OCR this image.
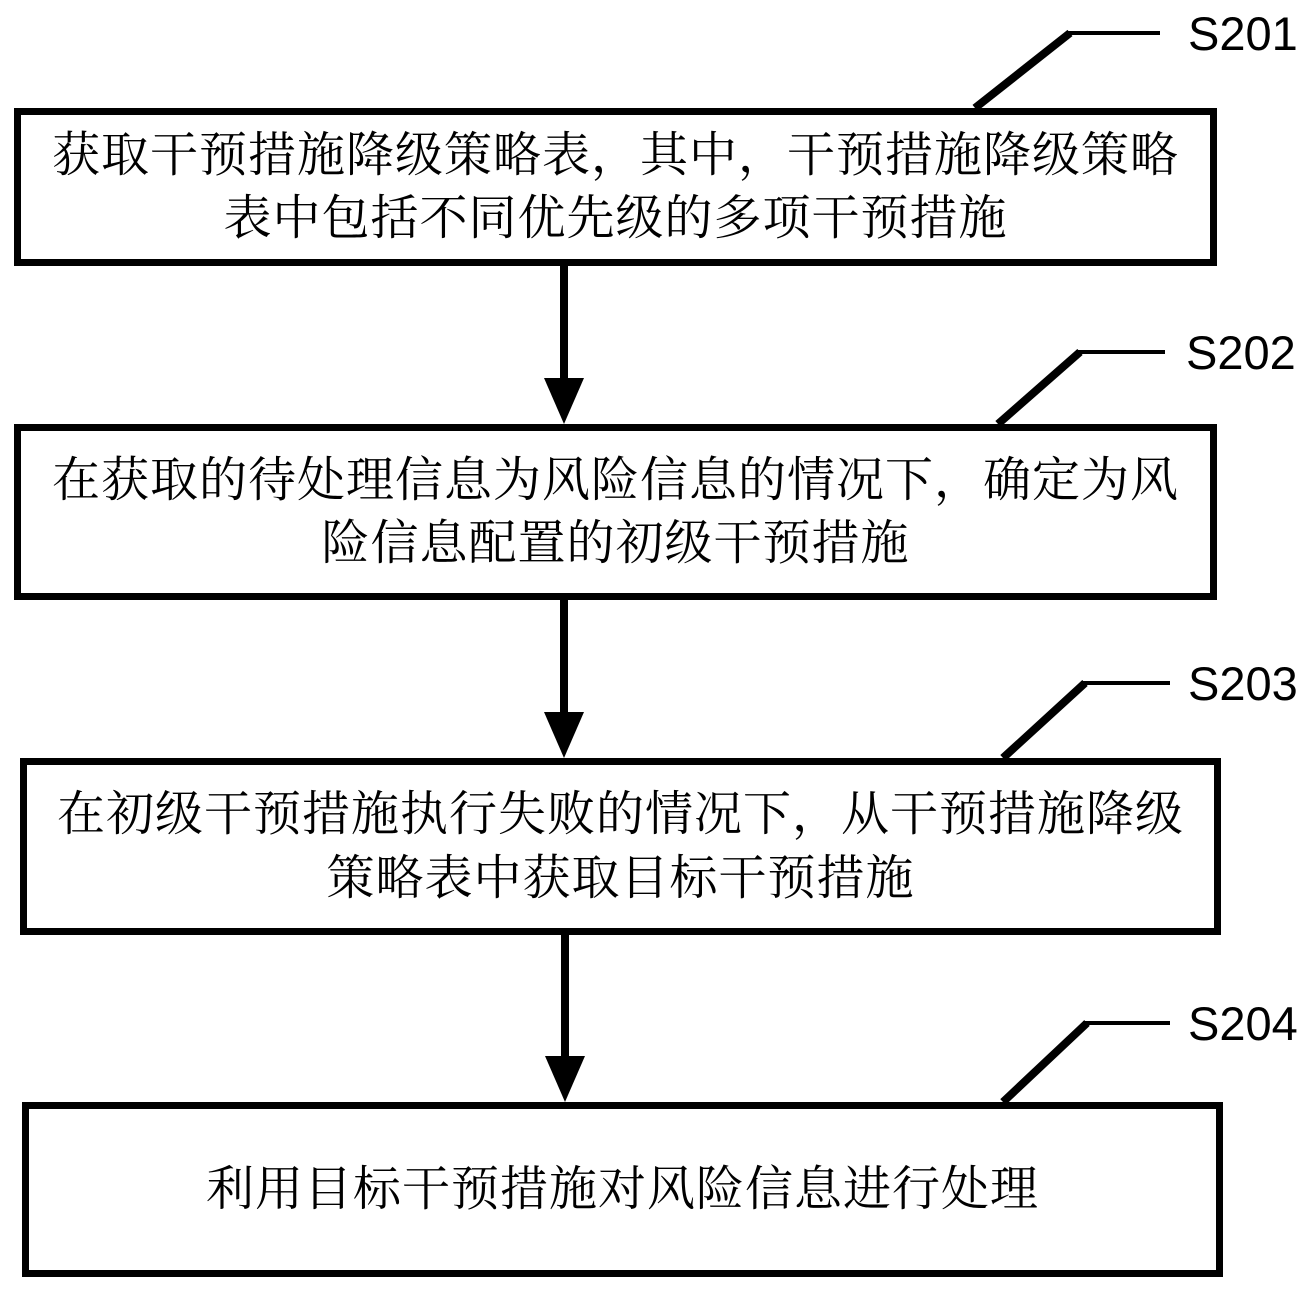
S201
S202
S203
S204
获取干预措施降级策略表，其中，干预措施降级策略
表中包括不同优先级的多项干预措施
在获取的待处理信息为风险信息的情况下，确定为风
险信息配置的初级干预措施
在初级干预措施执行失败的情况下，从干预措施降级
策略表中获取目标干预措施
利用目标干预措施对风险信息进行处理
